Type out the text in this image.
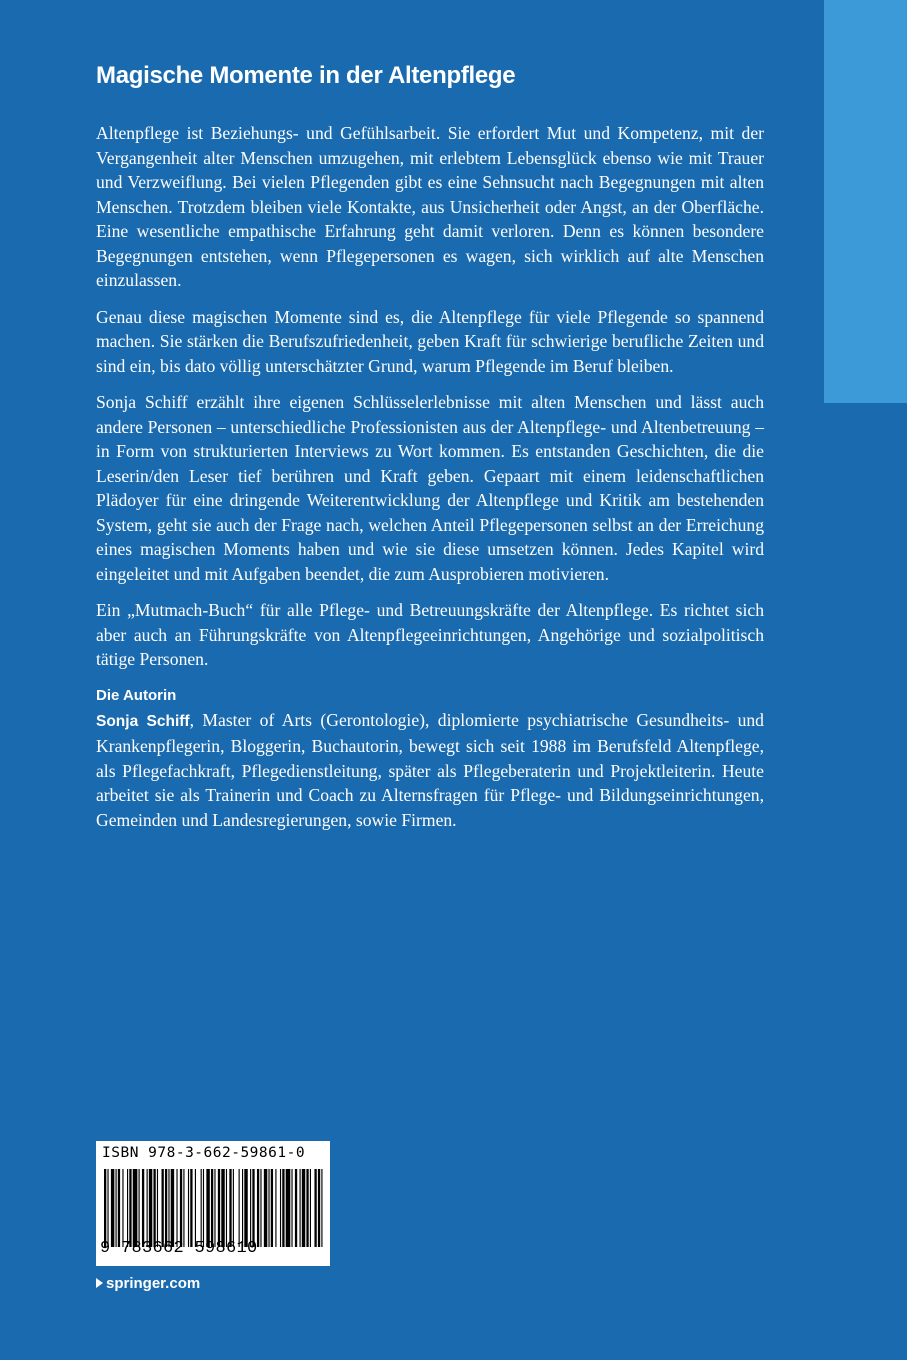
Magische Momente in der Altenpflege

Altenpflege ist Beziehungs- und Gefühlsarbeit. Sie erfordert Mut und Kompetenz, mit der Vergangenheit alter Menschen umzugehen, mit erlebtem Lebensglück ebenso wie mit Trauer und Verzweiflung. Bei vielen Pflegenden gibt es eine Sehnsucht nach Begegnungen mit alten Menschen. Trotzdem bleiben viele Kontakte, aus Unsicherheit oder Angst, an der Oberfläche. Eine wesentliche empathische Erfahrung geht damit verloren. Denn es können besondere Begegnungen entstehen, wenn Pflegepersonen es wagen, sich wirklich auf alte Menschen einzulassen.

Genau diese magischen Momente sind es, die Altenpflege für viele Pflegende so spannend machen. Sie stärken die Berufszufriedenheit, geben Kraft für schwierige berufliche Zeiten und sind ein, bis dato völlig unterschätzter Grund, warum Pflegende im Beruf bleiben.

Sonja Schiff erzählt ihre eigenen Schlüsselerlebnisse mit alten Menschen und lässt auch andere Personen – unterschiedliche Professionisten aus der Altenpflege- und Altenbetreuung – in Form von strukturierten Interviews zu Wort kommen. Es entstanden Geschichten, die die Leserin/den Leser tief berühren und Kraft geben. Gepaart mit einem leidenschaftlichen Plädoyer für eine dringende Weiterentwicklung der Altenpflege und Kritik am bestehenden System, geht sie auch der Frage nach, welchen Anteil Pflegepersonen selbst an der Erreichung eines magischen Moments haben und wie sie diese umsetzen können. Jedes Kapitel wird eingeleitet und mit Aufgaben beendet, die zum Ausprobieren motivieren.

Ein „Mutmach-Buch“ für alle Pflege- und Betreuungskräfte der Altenpflege. Es richtet sich aber auch an Führungskräfte von Altenpflegeeinrichtungen, Angehörige und sozialpolitisch tätige Personen.

Die Autorin

Sonja Schiff, Master of Arts (Gerontologie), diplomierte psychiatrische Gesundheits- und Krankenpflegerin, Bloggerin, Buchautorin, bewegt sich seit 1988 im Berufsfeld Altenpflege, als Pflegefachkraft, Pflegedienstleitung, später als Pflegeberaterin und Projektleiterin. Heute arbeitet sie als Trainerin und Coach zu Alternsfragen für Pflege- und Bildungseinrichtungen, Gemeinden und Landesregierungen, sowie Firmen.

ISBN 978-3-662-59861-0
9 783662 598610
springer.com
